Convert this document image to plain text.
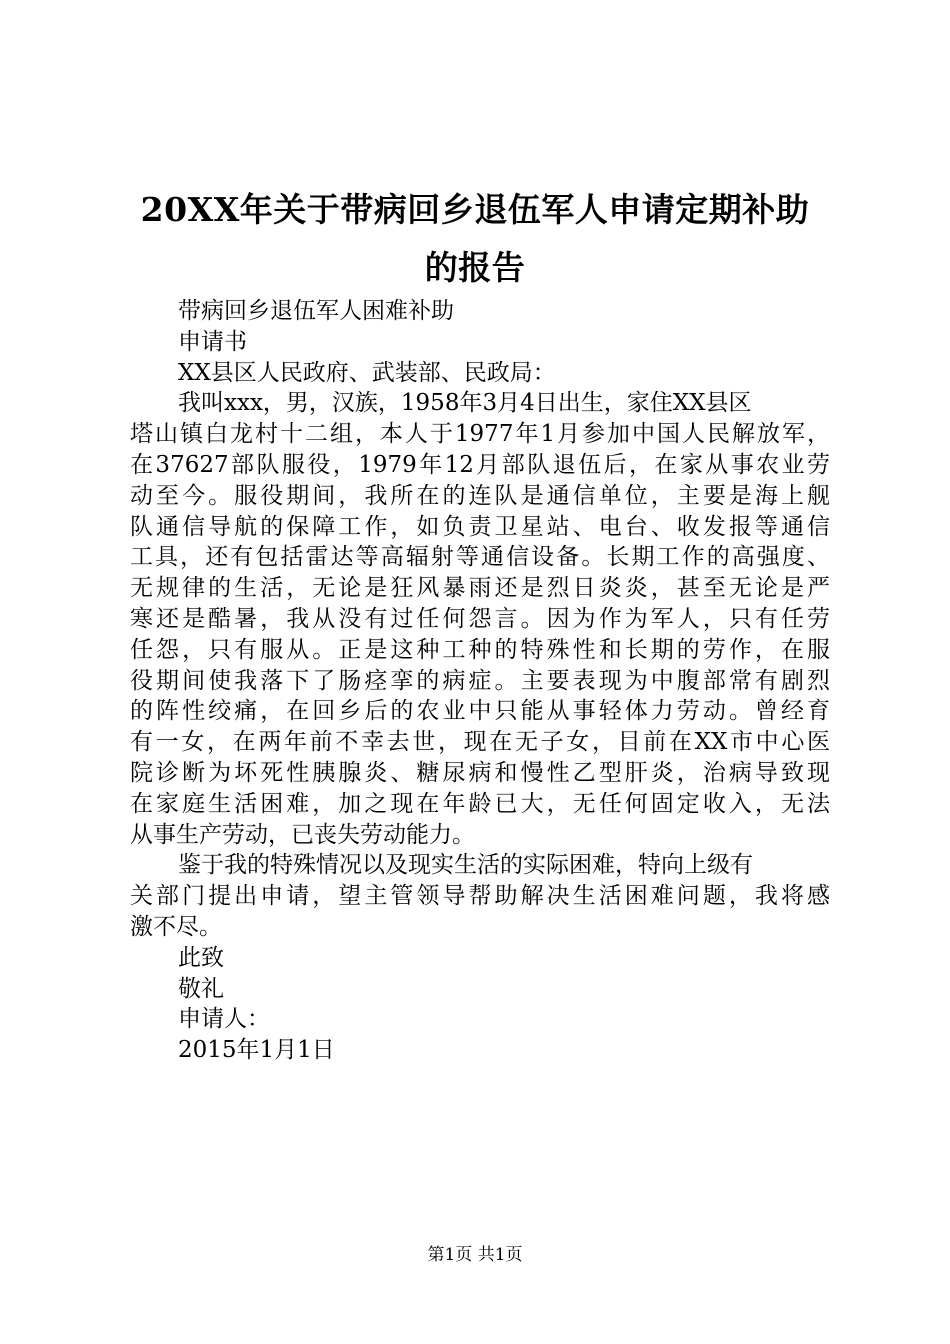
20XX年关于带病回乡退伍军人申请定期补助
的报告
带病回乡退伍军人困难补助
申请书
XX县区人民政府、武装部、民政局：
我叫xxx，男，汉族，1958年3月4日出生，家住XX县区
塔山镇白龙村十二组，本人于1977年1月参加中国人民解放军，
在37627部队服役，1979年12月部队退伍后，在家从事农业劳
动至今。服役期间，我所在的连队是通信单位，主要是海上舰
队通信导航的保障工作，如负责卫星站、电台、收发报等通信
工具，还有包括雷达等高辐射等通信设备。长期工作的高强度、
无规律的生活，无论是狂风暴雨还是烈日炎炎，甚至无论是严
寒还是酷暑，我从没有过任何怨言。因为作为军人，只有任劳
任怨，只有服从。正是这种工种的特殊性和长期的劳作，在服
役期间使我落下了肠痉挛的病症。主要表现为中腹部常有剧烈
的阵性绞痛，在回乡后的农业中只能从事轻体力劳动。曾经育
有一女，在两年前不幸去世，现在无子女，目前在XX市中心医
院诊断为坏死性胰腺炎、糖尿病和慢性乙型肝炎，治病导致现
在家庭生活困难，加之现在年龄已大，无任何固定收入，无法
从事生产劳动，已丧失劳动能力。
鉴于我的特殊情况以及现实生活的实际困难，特向上级有
关部门提出申请，望主管领导帮助解决生活困难问题，我将感
激不尽。
此致
敬礼
申请人：
2015年1月1日
第1页 共1页
